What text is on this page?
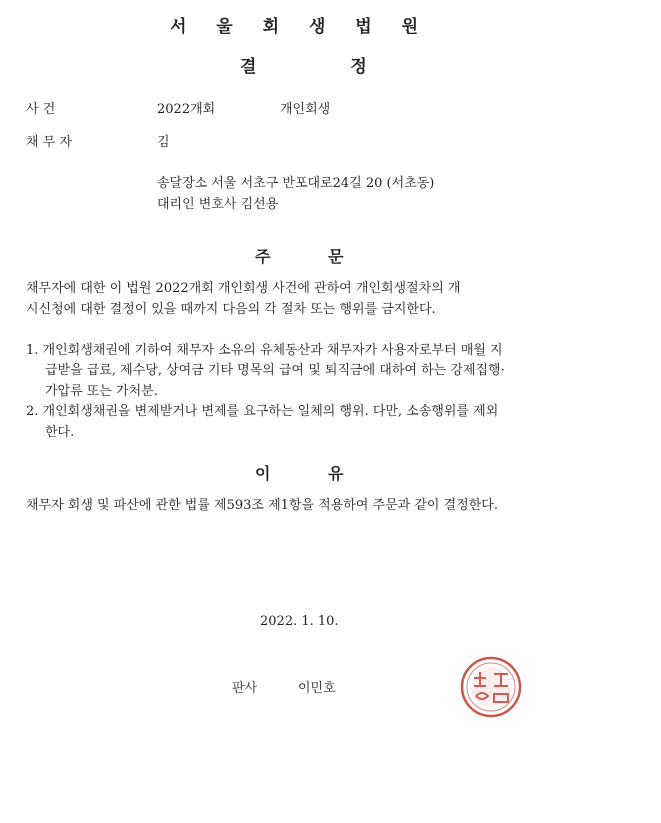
서 울 회 생 법 원
결	정
사 건	2022개회	개인회생
채 무 자	김
송달장소 서울 서초구 반포대로24길 20 (서초동)
대리인 변호사 김선용
주	문
채무자에 대한 이 법원 2022개회 개인회생 사건에 관하여 개인회생절차의 개
시신청에 대한 결정이 있을 때까지 다음의 각 절차 또는 행위를 금지한다.
1. 개인회생채권에 기하여 채무자 소유의 유체동산과 채무자가 사용자로부터 매월 지
급받을 급료, 제수당, 상여금 기타 명목의 급여 및 퇴직금에 대하여 하는 강제집행·
가압류 또는 가처분.
2. 개인회생채권을 변제받거나 변제를 요구하는 일체의 행위. 다만, 소송행위를 제외
한다.
이	유
채무자 회생 및 파산에 관한 법률 제593조 제1항을 적용하여 주문과 같이 결정한다.
2022. 1. 10.
판사	이민호
